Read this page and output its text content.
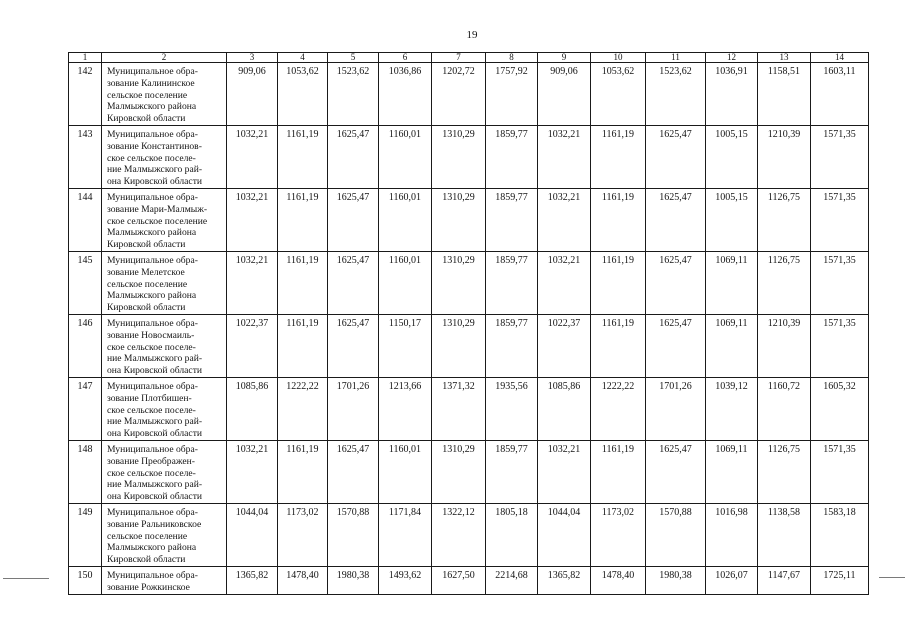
19
1	2	3	4	5	6	7	8	9	10	11	12	13	14
142	Муниципальное обра-
зование Калининское
сельское поселение
Малмыжского района
Кировской области	909,06	1053,62	1523,62	1036,86	1202,72	1757,92	909,06	1053,62	1523,62	1036,91	1158,51	1603,11
143	Муниципальное обра-
зование Константинов-
ское сельское поселе-
ние Малмыжского рай-
она Кировской области	1032,21	1161,19	1625,47	1160,01	1310,29	1859,77	1032,21	1161,19	1625,47	1005,15	1210,39	1571,35
144	Муниципальное обра-
зование Мари-Малмыж-
ское сельское поселение
Малмыжского района
Кировской области	1032,21	1161,19	1625,47	1160,01	1310,29	1859,77	1032,21	1161,19	1625,47	1005,15	1126,75	1571,35
145	Муниципальное обра-
зование Мелетское
сельское поселение
Малмыжского района
Кировской области	1032,21	1161,19	1625,47	1160,01	1310,29	1859,77	1032,21	1161,19	1625,47	1069,11	1126,75	1571,35
146	Муниципальное обра-
зование Новосмаиль-
ское сельское поселе-
ние Малмыжского рай-
она Кировской области	1022,37	1161,19	1625,47	1150,17	1310,29	1859,77	1022,37	1161,19	1625,47	1069,11	1210,39	1571,35
147	Муниципальное обра-
зование Плотбишен-
ское сельское поселе-
ние Малмыжского рай-
она Кировской области	1085,86	1222,22	1701,26	1213,66	1371,32	1935,56	1085,86	1222,22	1701,26	1039,12	1160,72	1605,32
148	Муниципальное обра-
зование Преображен-
ское сельское поселе-
ние Малмыжского рай-
она Кировской области	1032,21	1161,19	1625,47	1160,01	1310,29	1859,77	1032,21	1161,19	1625,47	1069,11	1126,75	1571,35
149	Муниципальное обра-
зование Ральниковское
сельское поселение
Малмыжского района
Кировской области	1044,04	1173,02	1570,88	1171,84	1322,12	1805,18	1044,04	1173,02	1570,88	1016,98	1138,58	1583,18
150	Муниципальное обра-
зование Рожкинское	1365,82	1478,40	1980,38	1493,62	1627,50	2214,68	1365,82	1478,40	1980,38	1026,07	1147,67	1725,11
